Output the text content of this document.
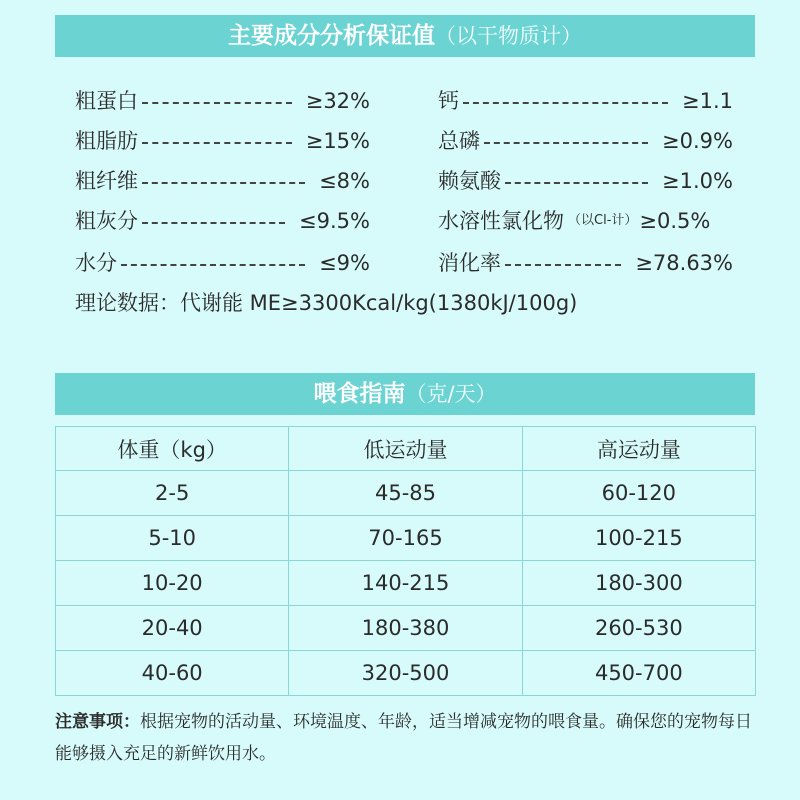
主要成分分析保证值（以干物质计）
粗蛋白	≥32%
粗脂肪	≥15%
粗纤维	≤8%
粗灰分	≤9.5%
水分	≤9%
钙	≥1.1
总磷	≥0.9%
赖氨酸	≥1.0%
水溶性氯化物 （以Cl-计） ≥0.5%
消化率	≥78.63%
理论数据：代谢能 ME≥3300Kcal/kg(1380kJ/100g)
喂食指南（克/天）
体重（kg）	低运动量	高运动量
2-5	45-85	60-120
5-10	70-165	100-215
10-20	140-215	180-300
20-40	180-380	260-530
40-60	320-500	450-700
注意事项：根据宠物的活动量、环境温度、年龄，适当增减宠物的喂食量。确保您的宠物每日能够摄入充足的新鲜饮用水。
